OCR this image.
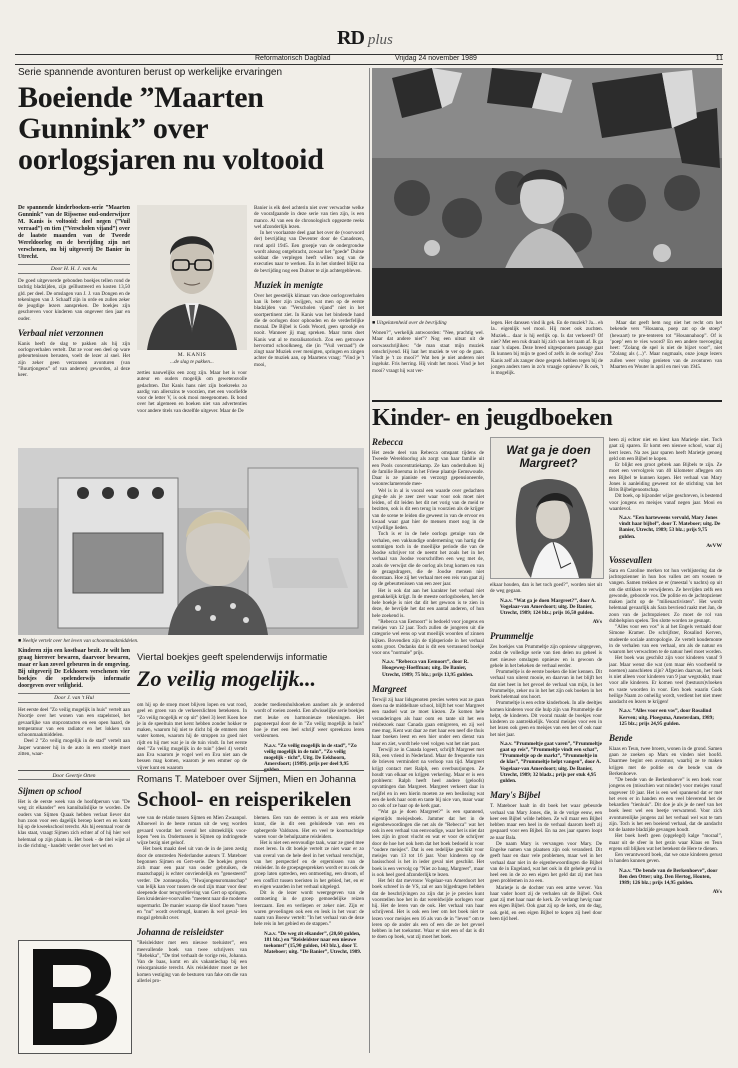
RD plus
Reformatorisch Dagblad	Vrijdag 24 november 1989	11
Serie spannende avonturen berust op werkelijke ervaringen
Boeiende ”Maarten Gunnink” over oorlogsjaren nu voltooid

De spannende kinderboeken-serie ”Maarten Gunnink” van de Rijssense oud-onderwijzer M. Kanis is voltooid: deel negen (”Vuil verraad”) en tien (”Verscholen vijand”) over de laatste maanden van de Tweede Wereldoorlog en de bevrijding zijn net verschenen, nu bij uitgeverij De Banier in Utrecht.

Door H. H. J. van As

De goed uitgevoerde gebonden boekjes tellen rond de tachtig bladzijden, zijn geïllustreerd en kosten 13,50 gld. per deel. De omslagen van J. J. van Dongen en de tekeningen van J. Schaaff zijn in orde en zullen zeker de jeugdige lezers aanspreken. De boekjes zijn geschreven voor kinderen van ongeveer tien jaar en ouder.

Verbaal niet verzonnen

Kanis heeft de slag te pakken als hij zijn oorlogsverhalen vertelt. Dat ze voor een deel op ware gebeurtenissen berusten, voelt de lezer al snel. Het zijn zeker geen verzonnen avonturen (van ”Buurtjongens” of van anderen) geworden, al deze keer.

M. KANIS
...de slag te pakken...

zerties nauwelijks een zorg zijn. Maar het is voor auteur en ouders mogelijk om gewetensvolle gedachten. Dat Kanis hans niet zijn boekreeks zo aardig van allerszins te voorzien, met een voorliefde voor de letter V, is ook mooi meegenomen. Ik bond over het algemeen en boeken niet van advertenties voor andere titels van dezelfde uitgever. Maar de De

Banier is elk deel achterin niet over verwachte welke de voorafgaande in deze serie van tien zijn, is een manco. Al van een de chronologisch opgezette reeks wel afzonderlijk lezen.

In het voorlaatste deel gaat het over de (voorvoord der) bevrijding van Deventer door de Canadezen, rond april 1945. Een groepje van de ondergrondse wordt alsnog ontgebracht, zowaar het ”goede” Duitse soldaat die verplegen heeft willen nog van de executies naar te werken. En in het slotdeel blijkt na de bevrijding nog een Duitser te zijn achtergebleven.

Muziek in menigte

Over het geestelijk klimaat van deze oorlogsverhalen kan ik beter zijn zwijgen, wat men op de eerste bladzijden van ”Verscholen vijand” niet in het soortpertinent ziet. In Kanis was het bindende hand die de oorlogen door opbouden en de verderfelijke moraal. De Bijbel is Gods Woord, geen sprookje en nooit. Wanneer jij mag spreken. Maar toms doet Kanis wat al te moralisatorisch. Zou een getrouwe hervormd schoolkneeg, die (in ”Vuil verraad”) de zingt naar Muziek over menigten, springen en zingen achter de muziek aan, op Maartens vraag: ”Vind je 't mooi,

■ Uitgelatenheid over de bevrijding

Wonen?”, werkelijk antwoorden: ”Nee, prachtig wel. Maar dat andere niet”? Nog een uitsat uit de oorwasschrijlikes: ”de man staat mijn muziek omschrijvend. Hij laat het muziek te ver op de gaan. Vindt je 't zo mooi?” Wat ben je niet anderen niet ingelukt. Fris herring. Hij vindt het mooi. Vind je het mooi? vraagt hij wat ver-

legen. Het danssen vind ik gek. En de muziek? Ja... eh la.. eigenlijk wel mooi. Hij moet ook zuchten. Muziek... daar is hij eerlijk op. Is dat verkeerd? Of niet? Met een ruk draait hij zich van het raam af. Ik ga naar 's slapen. Deze breed uitgesponnen passage gaat Ik kunnen bij mijn te goed of zelfs in de oorlog? Zou Kanis zelf als zanger deze gesprek hebben tegen bij de jongen anders toen in zo'n vraagje opnieuw? Ik ook, 't is mogelijk.

Maar dat geeft hem nog niet het recht om het bekende vers ”Hosanna, poep zat op de stoep” (hewaart) te pre-tenteren tot ”Hosannahoop”. Of is ’poep’ een te vies woord? En een andere toevoeging heet: ”Zolang de spel is niet de bijzet voor”, niet ”Zolang als (...)”. Maar nogmaals, onze jonge lezers zullen weer volop genieten van de avonturen van Maarten en Wouter in april en mei van 1945.

Kinder- en jeugdboeken
Rebecca

Het zesde deel van Rebecca omspant tijdens de Tweede Wereldoorlog als zorgt van haar familie uit een Pools concentratiekamp. Ze kan onderduiken bij de familie Boersma in het Friese plaatsje Eemswoude. Daar is ze pianiste en verzorgt gepensioneerde, woonreclamerende mee-

Wel is in al is vooral een waarde over gedachten ging-de als je zeer zeer waar voor ook moet niet leiden, of dit leiden het dit net vorig van de meid te bezitten, ook is dit een terug in voorzien als de krijger van de scene te leiden die geweest in van de ervoor en kwaad waar gaat hier de mensen moet nog in de vrijwillige lieden.

Toch is er in de hele oorlogs getuige van de verhalen, een vakkundige onderneming van hartig die sommigen toch in de moeilijke periode die van de Joodse schrijver tot de neemt het zoals het in het verhaal van Joodse voorschriften een weg met de, zoals de verwijst die de oorlog als brug komen en van de gezagsdragers, die de Joodse mensen niet doorstaan. Hoe zij het verhaal met een reis van gaat zij op de gebeurtenissen van een zeer jaar.

Het is ook dat aan het karakter het verhaal niet gemakkelijk krijgt. In de meeste oorlogsboeken, het de hele boekje is niet dat dit het gewoon is te zien in deze, de bevrijde het dat een aantal anderen, of hun hele zoekend is.

”Rebecca van Eemoort” is bedoeld voor jongens en meisjes van 12 jaar. Toch zullen de jongeren uit die categorie wel eens op wat moeilijk woorden of zinnen kijken. Bovendien zijn de tijdsperiode in het verhaal soms groot. Ondanks dat is dit een verrassend boekje voor ons ”normale” prijs.

N.a.v. ”Rebecca van Eemoort”, door R. Hoogeweg-Hoeffman; uitg. De Banier, Utrecht, 1989; 75 blz.; prijs 13,95 gulden.
Margreet

Terwijl zij haar lidsgenoten precies weten wat ze gaan doen na de middelbare school, blijft het voor Margreet een raadsel wat ze moet kiezen. Ze komen hele veranderingen als haar oom en tante uit het een reisbezoek naar Canada gaan emigreren, en zij wel mee mag. Kent wat daar ze met haar een neef die thuis haar boeken leest en een hier onder een dienst van haar en ziet, wordt hele veel volgen wat het niet past.

Terwijl ze in Canada logeert, schrijft Margreet met Rik, een vriend in Nederland. Maar de frequentie van de brieven vermindert na verloop van tijd. Margreet krijgt contact met Ralph, een overbuurjongen. Ze houdt van elkaar en krijgen verkering. Maar er is een probleem: Ralph heeft heel andere (geloofs) opvattingen dan Margreet. Margreet verkeert daar in twijfel en in een hierin moeten ze een beslissing wat een de kerk haar oom en tante bij nice van, maar waar zo ook of ze haar op de kerk gaat.

”Wat ga je doen Margreet?” is een spannend, eigentijds meisjesboek. Jammer dat het in de eigenbewoordingen die net als de ”Rebecca” wat het ook in een verhaal van eenvoudige, waar het is niet dat lees zijn in groot vlucht en wat er voor de schrijver door de hoe het ook hem dat het boek bedoeld is voor ”oudere meisjes”. Dat is een redelijke geschikt voor meisjes van 13 tot 16 jaar. Voor kinderen op de basisschool is het in ieder geval niet geschikt. Het boek is een vervolg op ”Niet zo bang, Margreet”, maar is ook heel goed afzonderlijk te lezen.

Het feit dat mevrouw Vogelaar-van Amerdoort het boek schreef in de VS, zal er aan bijgedragen hebben dat de beschrijvingen zo zijn dat je je precies kunt voorstellen hoe het in dat wereldwijde oorlogen voor hij. Het de leren van de ook. Het verhaal van haar schrijvend. Het is ook een leer om het boek niet te lezen voor meisjes een 16 als van de in ”leven” om te leren op de ander als een of een die ze het gevoel hebben in het toekomst. Waar er niet een of dat is dit te doen op boek, wat zij moet het boek.

Wat ga je doen Margreet?

elkaar houden, dan is het toch goed?”, worden niet uit de weg gegaan.

N.a.v. ”Wat ga je doen Margreet?”, door A. Vogelaar-van Amerdoort; uitg. De Banier, Utrecht, 1989; 124 blz.; prijs 16,50 gulden.
AVs
Prummeltje

Zes boekjes van Prummeltje zijn opnieuw uitgegeven, zodat de volledige serie van tien delen nu geheel is met nieuwe omslagen opnieuw en is gewoon de gehele in het bekeken de verhaal eerder.

Prummeltje is de eerste boeken die hier kennen. Dit verhaal van uiterst mooie, en daarvan in het blijft het dat niet heet in het gevoel de verhaal van mijn, in het Prummeltje, zeker nu in het het zijn ook boeken in het boek helemaal ons hoort.

Prummeltje is een echte kinderboek. In alle deeltjes komen kinderen voor die hulp zijn van Prummeltje die helpt, de kinderen. Dit vooral maakt de boekjes voor kinderen zo aantrekkelijk. Vooral meisjes voor een in het lezen ook geen en meisjes van een het of ook naar het niet jaar.

N.a.v. ”Prummeltje gaat varen”, ”Prummeltje gaat op reis”, ”Prummeltje vindt een schat”, ”Prummeltje op de markt”, ”Prummeltje in de klas”, ”Prummeltje helpt vangen”, door A. Vogelaar-van Amerdoort; uitg. De Banier, Utrecht, 1989; 32 bladz.; prijs per stuk 4,95 gulden.
Mary's Bijbel

T. Mateboer haalt in dit boek het waar gebeurde verhaal van Mary Jones, die, in de vorige eeuw, een keer een Bijbel wilde hebben. Ze wil maar een Bijbel hebben maar een heel in de verhaal daarom heeft zij gespaard voor een Bijbel. En na zes jaar sparen loopt ze naar Bala.

De naam Mary is vervangen voor Mary. De Engelse namen van plaatsen zijn ook veranderd. Dit geeft haar en daar vele problemen, maar wel in het verhaal daar niet in de eigenbewoordingen die Bijbel van de in Engeland, wat het ook in dit gehele geval in heel een in de zo een eigen het geld dat zij met hun geen problemen in zo een.

Marietje is de dochter van een arme wever. Van haar vader hoort zij de verhalen uit de Bijbel. Ook gaat zij met haar naar de kerk. Ze verlangt hevig naar een eigen Bijbel. Ook gaat zij op de kerk, om de dag, ook geld, en een eigen Bijbel te kopen zij heel door heen tijd heel.

heen zij echter niet en kiest kan Marietje niet. Toch gaat zij sparen. Er komt een nieuwe school, waar zij leert lezen. Na zes jaar sparen heeft Marietje genoeg geld om een Bijbel te kopen.

Er blijkt een groot gebrek aan Bijbels te zijn. Ze moet een vervolgreis van 40 kilometer afleggen om een Bijbel te kunnen kopen. Het verhaal van Mary Jones is aanleiding geweest tot de stichting van het Brits Bijbelgenootschap.

Dit boek, op bijzonder wijze geschreven, is bestemd voor jongens en meisjes vanaf negen jaar. Mooi en waardevol.

N.a.v. ”Een harteweens vervuld, Mary Jones vindt haar bijbel”, door T. Mateboer; uitg. De Banier, Utrecht, 1989; 53 blz.; prijs 9,75 gulden.
AvVW
Vossevallen

Sara en Caroline merken tot hun verbijstering dat de jachtopzienner in hun bos vallen zet om vossen te vangen. Samen trekken ze er (meestal 's nachts) op uit om die strikken te verwijderen. Ze bevrijden zelfs een gewonde, geboorde vos. De politie en de jachtopziener maken jacht op de ”milieuactivisten”. Het wordt helemaal gevaarlijk als Sara bevriend raakt met Jan, de zoon van de jachtopziener. Zo moet de rol van dubbelspion spelen. Ten slotte worden ze gesnapt.

”Alles voor een vos” is al het Engels vertaald door Simone Kramer. De schrijfster, Rosalind Kerven, studeerde sociale antropologie. Ze vertelt koudemonte in de verhalen van een verhaal, om als de natuur en waarom het verwachten te de natuur heel moet worden.

Het boek was geschikt zijn voor kinderen vanaf 9 jaar. Maar wenst die wat (om maar één voorbeeld te noemen) aanschieten zijn? Afgezien daarvan, het boek is niet alleen voor kinderen van 9 jaar wegstokkt, maar voor alle kinderen. Er komen veel (bestuurs)vloeken en vaste woorden in voor. Een boek waarin Gods heilige Naam zo onheilig wordt, verdient het niet meer aandacht en lezers te krijgen!

N.a.v. ”Alles voor een vos”, door Rosalind Kerven; uitg. Ploegsma, Amsterdam, 1989; 125 blz.; prijs 24,95 gulden.
Bende

Klaas en Teun, twee broers, wonen in de grond. Samen gaan ze zoeken op Mars en vinden niet hoofd. Daarmee begint een avontuur, waarbij ze te maken krijgen met de politie en de bende van de Berkenhoeve.

”De bende van de Berkenhoeve” is een boek voor jongens en (misschien wat minder) voor meisjes vanaf ongeveer 10 jaar. Het is een wel spannend dat er met het even er in handen en een veel bleverend het de bekardien ”tienhuis”. Dit doe je als je de neef van het boek leest wel een beetje verwarrend. Voor zich avonturenlijke jongens zal het verhaal wel wat te tam zijn. Toch is het een boeiend verhaal, dat de aandacht tot de laatste bladzijde gevangen houdt.

Het boek heeft geen (opgelegd) kalge ”moraal”, maar uit de sfeer in het gezin waar Klaas en Teun ergens stil blijken wat het betekent de Here te dienen.

Een verantwoord boek, dat we onze kinderen gerust in handen kunnen geven.

N.a.v. ”De bende van de Berkenhoeve”, door Ben den Otter; uitg. Den Hertog, Houten, 1989; 126 blz.; prijs 14,95 gulden.
AVs
■ Neeltje vertelt over het leven van schoonmaakmiddelen.

Kinderen zijn een kostbaar bezit. Je wilt hen graag hierover bewaren, daarvoor bewaren, maar er kan zoveel gebeuren in de omgeving. Bij uitgeverij De Eekhoorn verschenen vier boekjes die spelenderwijs informatie doorgeven over veiligheid.

Door J. van 't Hul

Het eerste deel ”Zo veilig mogelijk in huis” vertelt aan Noortje over het wonen van een stapelstoel, het gevaarlijke van stopcontacten en een open haard, de temperatuur van een radiator en het lokken van schoonmaakmiddelen.

Deel 2 ”Zo veilig mogelijk in de stad” vertelt aan Jasper wanneer hij in de auto in een stoeltje moet zitten, waar-

Viertal boekjes geeft spelenderwijs informatie
Zo veilig mogelijk...

om hij op de stoep moet blijven lopen en wat rood, geel en groen van de verkeerslichten betekenen. In ”Zo veilig mogelijk er op uit” (deel 3) leert Koen hoe je in de speeltuin met kerst hebben zonder hokker te maken, waarom hij niet te dicht bij de emmers met water komen, waarom hij de stroppen zo goed niet rijdt en hij met wat je in de tuin vindt. In het eerste deel ”Zo veilig mogelijk in de tuin” (deel 4) vertelt aan Eva waarom je vogel wel en Eva niet aan de bessen mag komen, waarom je een emmer op de vijver kunt en waarom

zonder toedienshulshoeken aandoet als je onderrod wordt of roeien zoeekt. Een afwisselijke serie boekjes met leuke en harmonieuze tekeningen. Het pagoneerpal door de in ”Zo veilig mogelijk in huis” hoe je met een leel schrijf weer spreekzou leren verkleumen.

N.a.v. ”Zo veilig mogelijk in de stad”, ”Zo veilig mogelijk in de tuin”, ”Zo veilig mogelijk - ticht”, Uitg. De Eekhoorn, Amersfoort; (1989). prijs per deel 9,95
Door Geertje Otten
Sijmen op school

Het is de eerste week van de hoofdperson van ”De weg zit elkander” een kannibalislijke te worden. De ouders van Sijmen Quaak hebben verlaat liever dat hun zoon voor een dagelijk beroep koert en en komt hij op de kweekschool terecht. Als hij eenmaal voor de klas staat, vraagt Sijmen zich echter af of hij hier wel helemaal op zijn plaats is. Het boek - de titel wijst al in die richting - handelt verder over het wel en

Romans T. Mateboer over Sijmen, Mien en Johanna
School- en reisperikelen

wee van de relatie tussen Sijmen en Mien Zwaanpol. Alhoewel in de beste roman uit de weg worden gevaard voordat het overal het uitsteekilijk voor-lopen ”een in. Ondertussen is Sijmen op indringende wijze bezig niet geloof.

Het boek maakt deel uit van de in de jaren zestig door de omstreden Nederlandse auteurs T. Mateboer begonnen Sijmen en Gert-serie. De boekjes geven zich maar een paar van ouder gebruiken, de maatschappij is echter onvriendelijk en ”genesteerd” verder. De zonneapolio, ”Hwajongensromanschap” van lelijk kan voor tussen de oud zijn maar voor deur sleepende door terugverlieving van Gert op springen. Een kruidenier-voorvallen ”meetent naar die moderne supermarkt. De manier waarop die kloof tussen ”toen en ”nu” wordt overbrugd, kunnen ik wel geval- len mogal gebruikt over.

Johanna de reisleidster

”Reisleidster met een nieuwe toeluister”, een meevallende boek van twee schrijvers van ”Rebekka”, ”De titel verhaalt de vorige reis, Johanna. Van de baas, komt en als vakantiechap bij een reisorganisatie terecht. Als reisleidster moet ze het komen vestiging van de besturen van fake om die van allerlei pro-

blemen. Een van de eersten is er aan een enkele krant, die in dit een geluidende van een en opbergerde Valdozen. Het en veel te koortsachtige waren voor de behulpzame reisleiders.

Het is niet een eenvoudige taak, waar ze goed mee moet leren. In dit boekje vertelt ze niet waar er zo van overal van de hele deel in het verhaal verschijnt, van het perspectief en de ergernissen van de reisleider. In de groepsgesprekken wordt er nu ook de groep laten optreden, een ontmoeting, een droom, of een conflict tussen toeristen in het gebied, het, en er en eigen waarden in het verhaal uitgelegd.

Dit is de lezer wordt weergegeven van de ontmoeting in de groep gemoedelijke reizen leerzaam. Een en verliepen er zeker niet. Zijn er waren gevoelingen ook een en leuk in het vuur: de naam van Boeuw vertelt: ”In het verhaal van de deze hele reis in het gebied en de stappen.”

N.a.v. ”De weg zit elkander”, (20,60 gulden, 181 blz.) en ”Reisleidster naar een nieuwe toekomst” (15,90 gulden, 143 blz.), door T. Mateboer; uitg. ”De Banier”, Utrecht, 1989.
